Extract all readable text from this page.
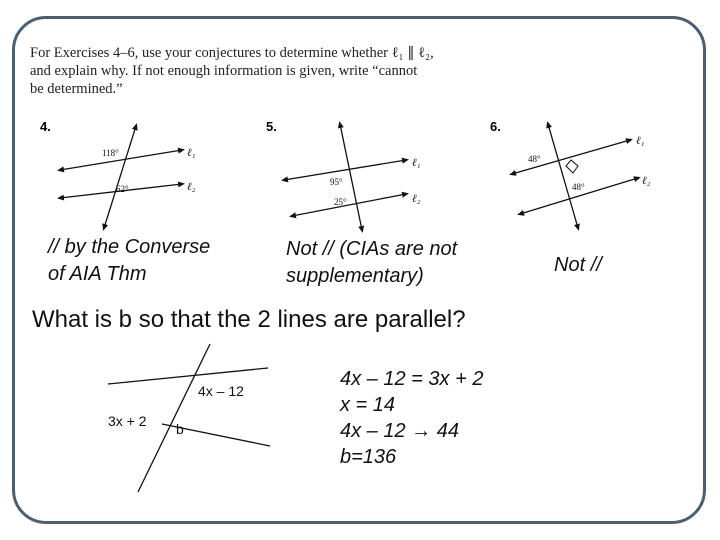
For Exercises 4–6, use your conjectures to determine whether ℓ₁ ∥ ℓ₂,
and explain why. If not enough information is given, write “cannot
be determined.”
4.
118°
62°
ℓ₁
ℓ₂
5.
95°
25°
ℓ₁
ℓ₂
6.
48°
48°
ℓ₁
ℓ₂
// by the Converse
of AIA Thm
Not // (CIAs are not
supplementary)	Not //
What is b so that the 2 lines are parallel?
4x – 12
3x + 2 b
4x – 12 = 3x + 2
x = 14
4x – 12 → 44
b=136
